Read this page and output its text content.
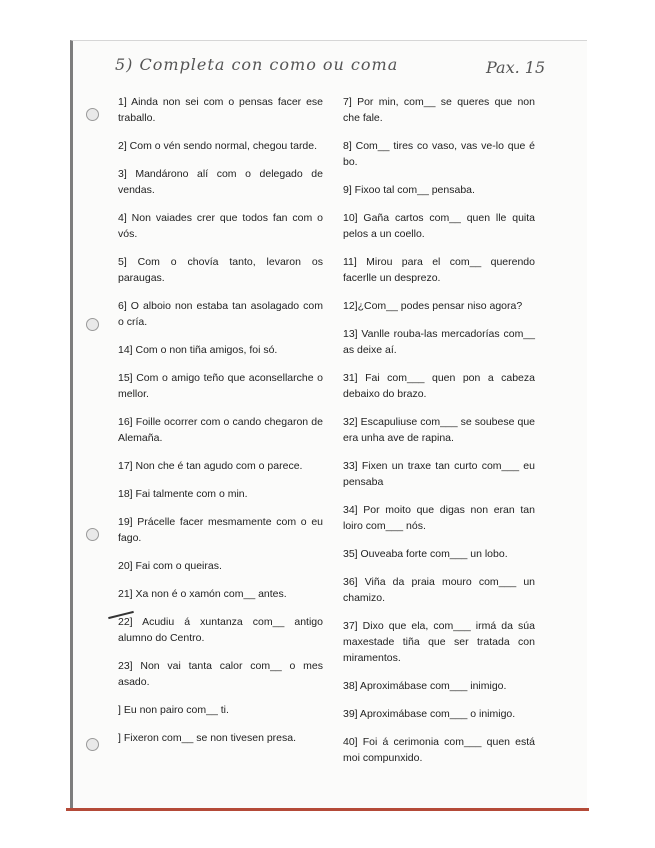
5) Completa con como ou coma	Pax. 15
1] Ainda non sei com o pensas facer ese traballo.
2] Com o vén sendo normal, chegou tarde.
3] Mandárono alí com o delegado de vendas.
4] Non vaiades crer que todos fan com o vós.
5] Com o chovía tanto, levaron os paraugas.
6] O alboio non estaba tan asolagado com o cría.
14] Com o non tiña amigos, foi só.
15] Com o amigo teño que aconsellarche o mellor.
16] Foille ocorrer com o cando chegaron de Alemaña.
17] Non che é tan agudo com o parece.
18] Fai talmente com o min.
19] Prácelle facer mesmamente com o eu fago.
20] Fai com o queiras.
21] Xa non é o xamón com__ antes.
22] Acudiu á xuntanza com__ antigo alumno do Centro.
23] Non vai tanta calor com__ o mes asado.
] Eu non pairo com__ ti.
] Fixeron com__ se non tivesen presa.
7] Por min, com__ se queres que non che fale.
8] Com__ tires co vaso, vas ve-lo que é bo.
9] Fixoo tal com__ pensaba.
10] Gaña cartos com__ quen lle quita pelos a un coello.
11] Mirou para el com__ querendo facerlle un desprezo.
12]¿Com__ podes pensar niso agora?
13] Vanlle rouba-las mercadorías com__ as deixe aí.
31] Fai com___ quen pon a cabeza debaixo do brazo.
32] Escapuliuse com___ se soubese que era unha ave de rapina.
33] Fixen un traxe tan curto com___ eu pensaba
34] Por moito que digas non eran tan loiro com___ nós.
35] Ouveaba forte com___ un lobo.
36] Viña da praia mouro com___ un chamizo.
37] Dixo que ela, com___ irmá da súa maxestade tiña que ser tratada con miramentos.
38] Aproximábase com___ inimigo.
39] Aproximábase com___ o inimigo.
40] Foi á cerimonia com___ quen está moi compunxido.
